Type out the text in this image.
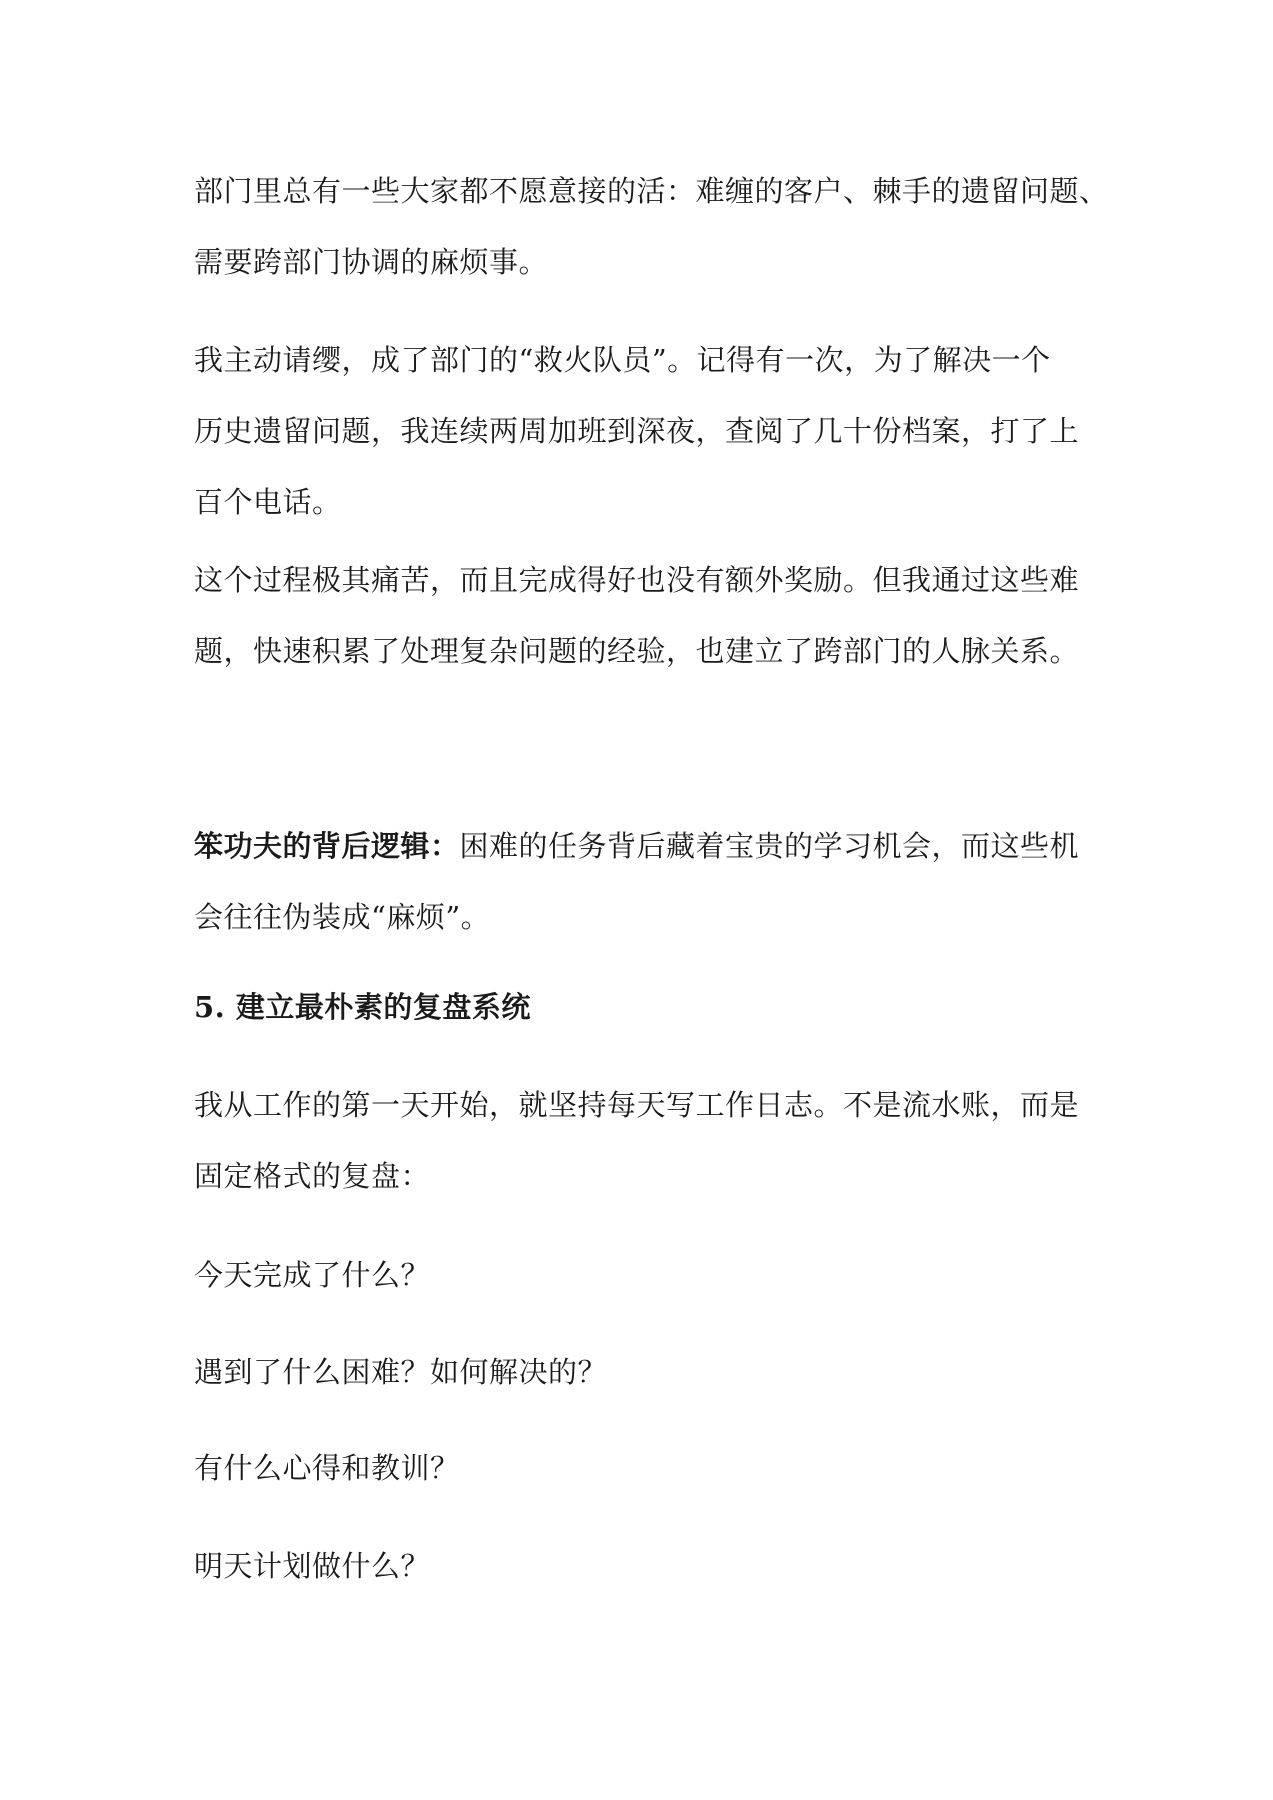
部门里总有一些大家都不愿意接的活：难缠的客户、棘手的遗留问题、
需要跨部门协调的麻烦事。

我主动请缨，成了部门的“救火队员”。记得有一次，为了解决一个
历史遗留问题，我连续两周加班到深夜，查阅了几十份档案，打了上
百个电话。

这个过程极其痛苦，而且完成得好也没有额外奖励。但我通过这些难
题，快速积累了处理复杂问题的经验，也建立了跨部门的人脉关系。

笨功夫的背后逻辑：困难的任务背后藏着宝贵的学习机会，而这些机
会往往伪装成“麻烦”。

5. 建立最朴素的复盘系统

我从工作的第一天开始，就坚持每天写工作日志。不是流水账，而是
固定格式的复盘：

今天完成了什么？

遇到了什么困难？如何解决的？

有什么心得和教训？

明天计划做什么？
